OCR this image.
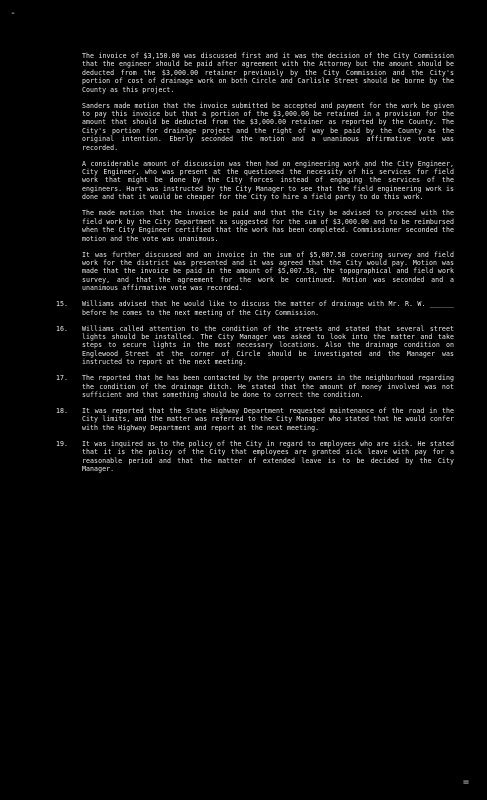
-

The invoice of $3,150.00 was discussed first and it was the decision of the City Commission that the engineer should be paid after agreement with the Attorney but the amount should be deducted from the $3,000.00 retainer previously by the City Commission and the City's portion of cost of drainage work on both Circle and Carlisle Street should be borne by the County as this project.

Sanders made motion that the invoice submitted be accepted and payment for the work be given to pay this invoice but that a portion of the $3,000.00 be retained in a provision for the amount that should be deducted from the $3,000.00 retainer as reported by the County. The City's portion for drainage project and the right of way be paid by the County as the original intention. Eberly seconded the motion and a unanimous affirmative vote was recorded.

A considerable amount of discussion was then had on engineering work and the City Engineer, City Engineer, who was present at the questioned the necessity of his services for field work that might be done by the City forces instead of engaging the services of the engineers. Hart was instructed by the City Manager to see that the field engineering work is done and that it would be cheaper for the City to hire a field party to do this work.

The made motion that the invoice be paid and that the City be advised to proceed with the field work by the City Department as suggested for the sum of $3,000.00 and to be reimbursed when the City Engineer certified that the work has been completed. Commissioner seconded the motion and the vote was unanimous.

It was further discussed and an invoice in the sum of $5,007.58 covering survey and field work for the district was presented and it was agreed that the City would pay. Motion was made that the invoice be paid in the amount of $5,007.58, the topographical and field work survey, and that the agreement for the work be continued. Motion was seconded and a unanimous affirmative vote was recorded.

15. Williams advised that he would like to discuss the matter of drainage with Mr. R. W. ______ before he comes to the next meeting of the City Commission.
16. Williams called attention to the condition of the streets and stated that several street lights should be installed. The City Manager was asked to look into the matter and take steps to secure lights in the most necessary locations. Also the drainage condition on Englewood Street at the corner of Circle should be investigated and the Manager was instructed to report at the next meeting.
17. The reported that he has been contacted by the property owners in the neighborhood regarding the condition of the drainage ditch. He stated that the amount of money involved was not sufficient and that something should be done to correct the condition.
18. It was reported that the State Highway Department requested maintenance of the road in the City limits, and the matter was referred to the City Manager who stated that he would confer with the Highway Department and report at the next meeting.
19. It was inquired as to the policy of the City in regard to employees who are sick. He stated that it is the policy of the City that employees are granted sick leave with pay for a reasonable period and that the matter of extended leave is to be decided by the City Manager.
=
